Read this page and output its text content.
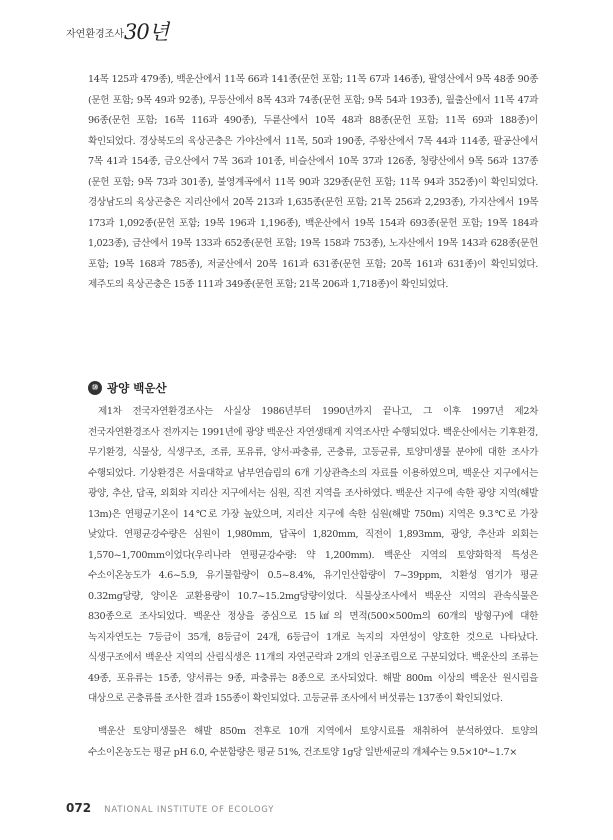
자연환경조사 30년

14목 125과 479종), 백운산에서 11목 66과 141종(문헌 포함; 11목 67과 146종), 팔영산에서 9목 48종 90종(문헌 포함; 9목 49과 92종), 무등산에서 8목 43과 74종(문헌 포함; 9목 54과 193종), 월출산에서 11목 47과 96종(문헌 포함; 16목 116과 490종), 두륜산에서 10목 48과 88종(문헌 포함; 11목 69과 188종)이 확인되었다. 경상북도의 육상곤충은 가야산에서 11목, 50과 190종, 주왕산에서 7목 44과 114종, 팔공산에서 7목 41과 154종, 금오산에서 7목 36과 101종, 비슬산에서 10목 37과 126종, 청량산에서 9목 56과 137종(문헌 포함; 9목 73과 301종), 불영계곡에서 11목 90과 329종(문헌 포함; 11목 94과 352종)이 확인되었다. 경상남도의 육상곤충은 지리산에서 20목 213과 1,635종(문헌 포함; 21목 256과 2,293종), 가지산에서 19목 173과 1,092종(문헌 포함; 19목 196과 1,196종), 백운산에서 19목 154과 693종(문헌 포함; 19목 184과 1,023종), 금산에서 19목 133과 652종(문헌 포함; 19목 158과 753종), 노자산에서 19목 143과 628종(문헌 포함; 19목 168과 785종), 저굴산에서 20목 161과 631종(문헌 포함; 20목 161과 631종)이 확인되었다. 제주도의 육상곤충은 15종 111과 349종(문헌 포함; 21목 206과 1,718종)이 확인되었다.

⑩ 광양 백운산

제1차 전국자연환경조사는 사실상 1986년부터 1990년까지 끝나고, 그 이후 1997년 제2차 전국자연환경조사 전까지는 1991년에 광양 백운산 자연생태계 지역조사만 수행되었다. 백운산에서는 기후환경, 무기환경, 식물상, 식생구조, 조류, 포유류, 양서·파충류, 곤충류, 고등균류, 토양미생물 분야에 대한 조사가 수행되었다. 기상환경은 서울대학교 남부연습림의 6개 기상관측소의 자료를 이용하였으며, 백운산 지구에서는 광양, 추산, 답곡, 외회와 지리산 지구에서는 심원, 직전 지역을 조사하였다. 백운산 지구에 속한 광양 지역(해발 13m)은 연평균기온이 14℃로 가장 높았으며, 지리산 지구에 속한 심원(해발 750m) 지역은 9.3℃로 가장 낮았다. 연평균강수량은 심원이 1,980mm, 답곡이 1,820mm, 직전이 1,893mm, 광양, 추산과 외회는 1,570~1,700mm이었다(우리나라 연평균강수량: 약 1,200mm). 백운산 지역의 토양화학적 특성은 수소이온농도가 4.6~5.9, 유기물함량이 0.5~8.4%, 유기인산함량이 7~39ppm, 치환성 염기가 평균 0.32mg당량, 양이온 교환용량이 10.7~15.2mg당량이었다. 식물상조사에서 백운산 지역의 관속식물은 830종으로 조사되었다. 백운산 정상을 중심으로 15㎢의 면적(500×500m의 60개의 방형구)에 대한 녹지자연도는 7등급이 35개, 8등급이 24개, 6등급이 1개로 녹지의 자연성이 양호한 것으로 나타났다. 식생구조에서 백운산 지역의 산림식생은 11개의 자연군락과 2개의 인공조림으로 구분되었다. 백운산의 조류는 49종, 포유류는 15종, 양서류는 9종, 파충류는 8종으로 조사되었다. 해발 800m 이상의 백운산 원시림을 대상으로 곤충류를 조사한 결과 155종이 확인되었다. 고등균류 조사에서 버섯류는 137종이 확인되었다.

백운산 토양미생물은 해발 850m 전후로 10개 지역에서 토양시료를 채취하여 분석하였다. 토양의 수소이온농도는 평균 pH 6.0, 수분함량은 평균 51%, 건조토양 1g당 일반세균의 개체수는 9.5×10⁴~1.7×

072 NATIONAL INSTITUTE OF ECOLOGY
